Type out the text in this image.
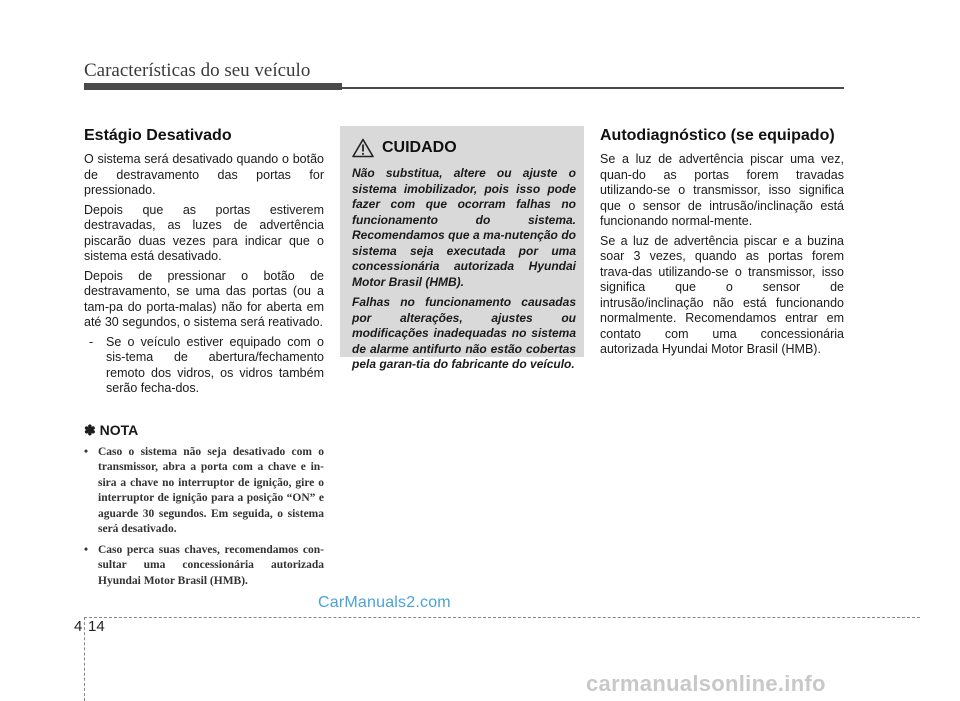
Características do seu veículo
Estágio Desativado

O sistema será desativado quando o botão de destravamento das portas for pressionado.

Depois que as portas estiverem destravadas, as luzes de advertência piscarão duas vezes para indicar que o sistema está desativado.

Depois de pressionar o botão de destravamento, se uma das portas (ou a tam-pa do porta-malas) não for aberta em até 30 segundos, o sistema será reativado.

- Se o veículo estiver equipado com o sis-tema de abertura/fechamento remoto dos vidros, os vidros também serão fecha-dos.
✽ NOTA
• Caso o sistema não seja desativado com o transmissor, abra a porta com a chave e in-sira a chave no interruptor de ignição, gire o interruptor de ignição para a posição “ON” e aguarde 30 segundos. Em seguida, o sistema será desativado.
• Caso perca suas chaves, recomendamos con-sultar uma concessionária autorizada Hyundai Motor Brasil (HMB).
CUIDADO

Não substitua, altere ou ajuste o sistema imobilizador, pois isso pode fazer com que ocorram falhas no funcionamento do sistema. Recomendamos que a ma-nutenção do sistema seja executada por uma concessionária autorizada Hyundai Motor Brasil (HMB).

Falhas no funcionamento causadas por alterações, ajustes ou modificações inadequadas no sistema de alarme antifurto não estão cobertas pela garan-tia do fabricante do veículo.

Autodiagnóstico (se equipado)

Se a luz de advertência piscar uma vez, quan-do as portas forem travadas utilizando-se o transmissor, isso significa que o sensor de intrusão/inclinação está funcionando normal-mente.

Se a luz de advertência piscar e a buzina soar 3 vezes, quando as portas forem trava-das utilizando-se o transmissor, isso significa que o sensor de intrusão/inclinação não está funcionando normalmente. Recomendamos entrar em contato com uma concessionária autorizada Hyundai Motor Brasil (HMB).

CarManuals2.com
4 14
carmanualsonline.info
